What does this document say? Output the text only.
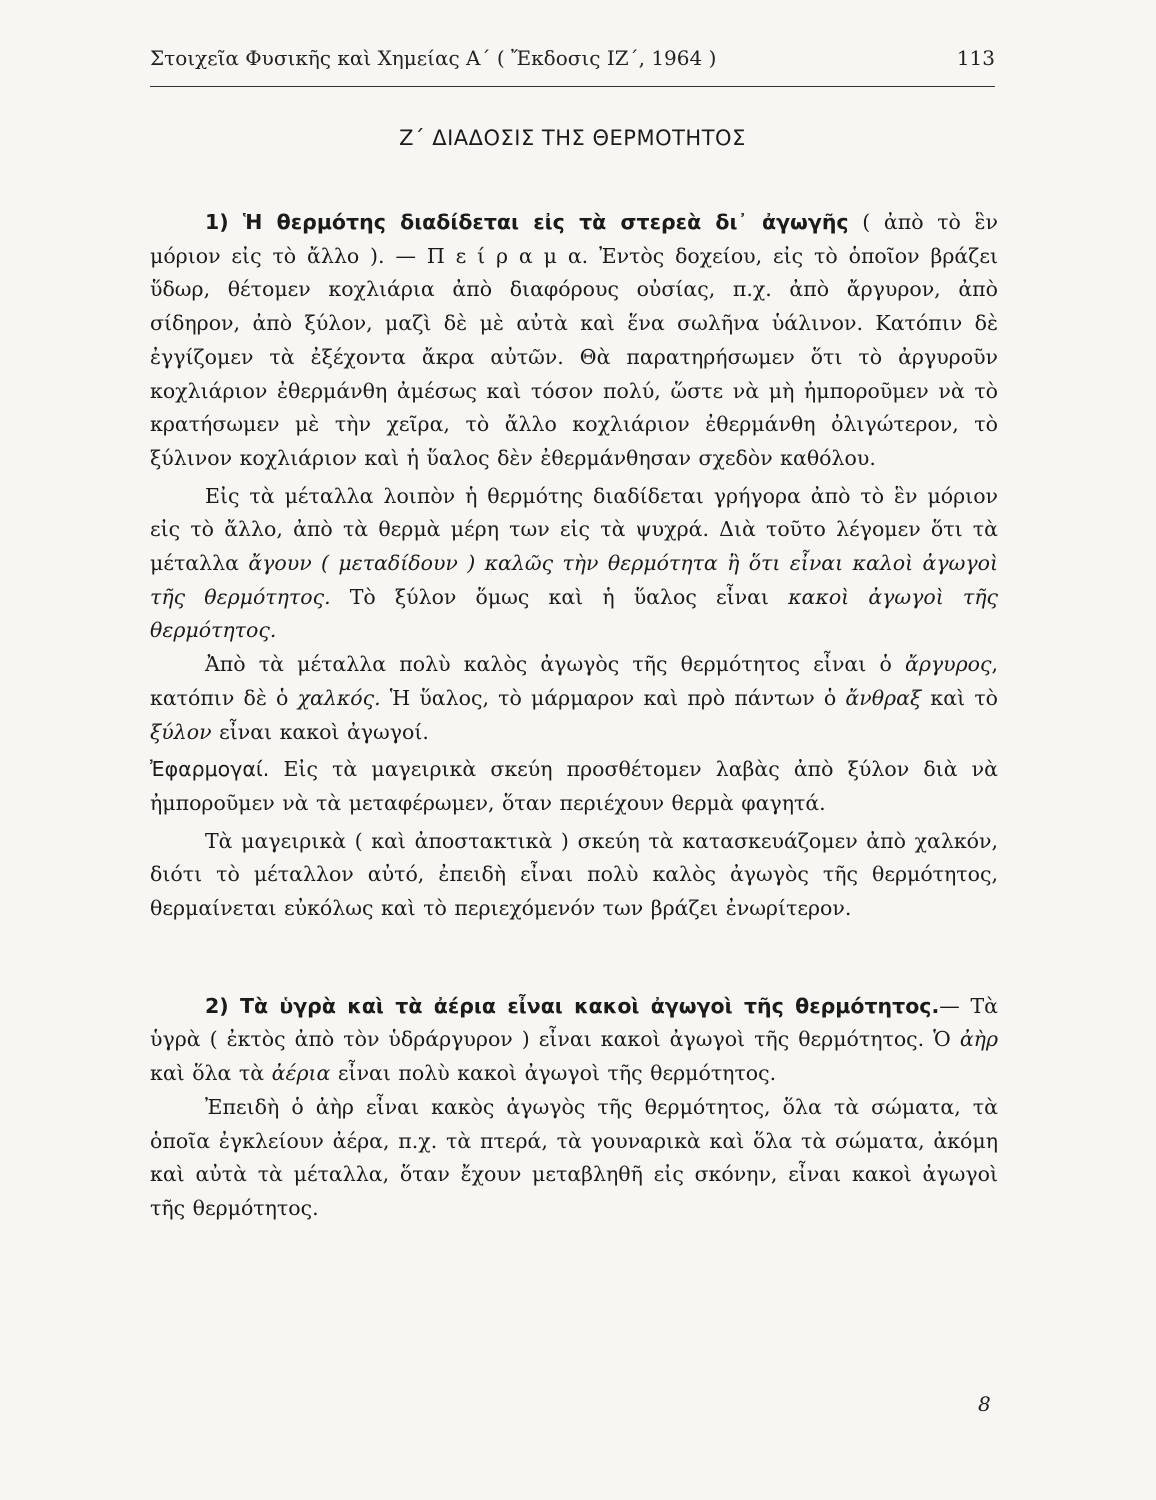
Στοιχεῖα Φυσικῆς καὶ Χημείας Α΄ ( Ἔκδοσις ΙΖ΄, 1964 )	113
Ζ΄ ΔΙΑΔΟΣΙΣ ΤΗΣ ΘΕΡΜΟΤΗΤΟΣ

1) Ἡ θερμότης διαδίδεται εἰς τὰ στερεὰ δι᾽ ἀγωγῆς ( ἀπὸ τὸ ἓν μόριον εἰς τὸ ἄλλο ). — Π ε ί ρ α μ α. Ἐντὸς δοχείου, εἰς τὸ ὁποῖον βράζει ὕδωρ, θέτομεν κοχλιάρια ἀπὸ διαφόρους οὐσίας, π.χ. ἀπὸ ἄργυρον, ἀπὸ σίδηρον, ἀπὸ ξύλον, μαζὶ δὲ μὲ αὐτὰ καὶ ἕνα σωλῆνα ὑάλινον. Κατόπιν δὲ ἐγγίζομεν τὰ ἐξέχοντα ἄκρα αὐτῶν. Θὰ παρατηρήσωμεν ὅτι τὸ ἀργυροῦν κοχλιάριον ἐθερμάνθη ἀμέσως καὶ τόσον πολύ, ὥστε νὰ μὴ ἠμποροῦμεν νὰ τὸ κρατήσωμεν μὲ τὴν χεῖρα, τὸ ἄλλο κοχλιάριον ἐθερμάνθη ὀλιγώτερον, τὸ ξύλινον κοχλιάριον καὶ ἡ ὕαλος δὲν ἐθερμάνθησαν σχεδὸν καθόλου.

Εἰς τὰ μέταλλα λοιπὸν ἡ θερμότης διαδίδεται γρήγορα ἀπὸ τὸ ἓν μόριον εἰς τὸ ἄλλο, ἀπὸ τὰ θερμὰ μέρη των εἰς τὰ ψυχρά. Διὰ τοῦτο λέγομεν ὅτι τὰ μέταλλα ἄγουν ( μεταδίδουν ) καλῶς τὴν θερμότητα ἢ ὅτι εἶναι καλοὶ ἀγωγοὶ τῆς θερμότητος. Τὸ ξύλον ὅμως καὶ ἡ ὕαλος εἶναι κακοὶ ἀγωγοὶ τῆς θερμότητος.

Ἀπὸ τὰ μέταλλα πολὺ καλὸς ἀγωγὸς τῆς θερμότητος εἶναι ὁ ἄργυρος, κατόπιν δὲ ὁ χαλκός. Ἡ ὕαλος, τὸ μάρμαρον καὶ πρὸ πάντων ὁ ἄνθραξ καὶ τὸ ξύλον εἶναι κακοὶ ἀγωγοί.

Ἐφαρμογαί. Εἰς τὰ μαγειρικὰ σκεύη προσθέτομεν λαβὰς ἀπὸ ξύλον διὰ νὰ ἠμποροῦμεν νὰ τὰ μεταφέρωμεν, ὅταν περιέχουν θερμὰ φαγητά.

Τὰ μαγειρικὰ ( καὶ ἀποστακτικὰ ) σκεύη τὰ κατασκευάζομεν ἀπὸ χαλκόν, διότι τὸ μέταλλον αὐτό, ἐπειδὴ εἶναι πολὺ καλὸς ἀγωγὸς τῆς θερμότητος, θερμαίνεται εὐκόλως καὶ τὸ περιεχόμενόν των βράζει ἐνωρίτερον.

2) Τὰ ὑγρὰ καὶ τὰ ἀέρια εἶναι κακοὶ ἀγωγοὶ τῆς θερμότητος.— Τὰ ὑγρὰ ( ἐκτὸς ἀπὸ τὸν ὑδράργυρον ) εἶναι κακοὶ ἀγωγοὶ τῆς θερμότητος. Ὁ ἀὴρ καὶ ὅλα τὰ ἀέρια εἶναι πολὺ κακοὶ ἀγωγοὶ τῆς θερμότητος.

Ἐπειδὴ ὁ ἀὴρ εἶναι κακὸς ἀγωγὸς τῆς θερμότητος, ὅλα τὰ σώματα, τὰ ὁποῖα ἐγκλείουν ἀέρα, π.χ. τὰ πτερά, τὰ γουναρικὰ καὶ ὅλα τὰ σώματα, ἀκόμη καὶ αὐτὰ τὰ μέταλλα, ὅταν ἔχουν μεταβληθῆ εἰς σκόνην, εἶναι κακοὶ ἀγωγοὶ τῆς θερμότητος.

8
